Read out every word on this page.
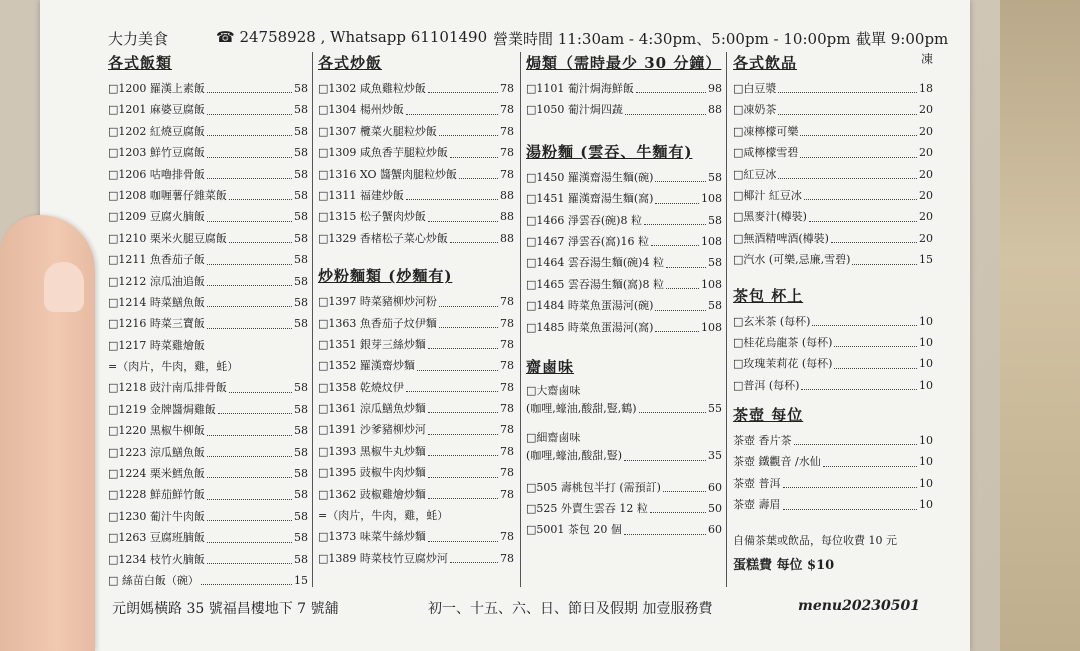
大力美食	☎ 24758928 , Whatsapp 61101490 營業時間 11:30am - 4:30pm、5:00pm - 10:00pm 截單 9:00pm
各式飯類
□1200 羅漢上素飯	58
□1201 麻婆豆腐飯	58
□1202 紅燒豆腐飯	58
□1203 鮮竹豆腐飯	58
□1206 咕嚕排骨飯	58
□1208 咖喱薯仔雜菜飯	58
□1209 豆腐火腩飯	58
□1210 栗米火腿豆腐飯	58
□1211 魚香茄子飯	58
□1212 涼瓜油追飯	58
□1214 時菜鱔魚飯	58
□1216 時菜三寶飯	58
□1217 時菜雞燴飯
=（肉片，牛肉，雞，蚝）
□1218 豉汁南瓜排骨飯	58
□1219 金牌醬焗雞飯	58
□1220 黑椒牛柳飯	58
□1223 涼瓜鱔魚飯	58
□1224 栗米鱈魚飯	58
□1228 鮮茄鮮竹飯	58
□1230 葡汁牛肉飯	58
□1263 豆腐班腩飯	58
□1234 枝竹火腩飯	58
□ 絲苗白飯（碗）	15
各式炒飯
□1302 咸魚雞粒炒飯	78
□1304 楊州炒飯	78
□1307 欖菜火腿粒炒飯	78
□1309 咸魚香芋腿粒炒飯	78
□1316 XO 醬蟹肉腿粒炒飯	78
□1311 福建炒飯	88
□1315 松子蟹肉炒飯	88
□1329 香楮松子菜心炒飯	88
炒粉麵類 (炒麵有)
□1397 時菜豬柳炒河粉	78
□1363 魚香茄子炆伊麵	78
□1351 銀芽三絲炒麵	78
□1352 羅漢齋炒麵	78
□1358 乾燒炆伊	78
□1361 涼瓜鱔魚炒麵	78
□1391 沙爹豬柳炒河	78
□1393 黑椒牛丸炒麵	78
□1395 豉椒牛肉炒麵	78
□1362 豉椒雞燴炒麵	78
=（肉片，牛肉，雞，蚝）
□1373 味菜牛絲炒麵	78
□1389 時菜枝竹豆腐炒河	78
焗類（需時最少 30 分鐘）
□1101 葡汁焗海鮮飯	98
□1050 葡汁焗四蔬	88
湯粉麵 (雲吞、牛麵有)
□1450 羅漢齋湯生麵(碗)	58
□1451 羅漢齋湯生麵(窩)	108
□1466 淨雲吞(碗)8 粒	58
□1467 淨雲吞(窩)16 粒	108
□1464 雲吞湯生麵(碗)4 粒	58
□1465 雲吞湯生麵(窩)8 粒	108
□1484 時菜魚蛋湯河(碗)	58
□1485 時菜魚蛋湯河(窩)	108
齋鹵味
□大齋鹵味
(咖哩,蠔油,酸甜,豎,鶴)	55
□細齋鹵味
(咖哩,蠔油,酸甜,豎)	35
□505 壽桃包半打 (需預訂)	60
□525 外賣生雲吞 12 粒	50
□5001 茶包 20 個	60
各式飲品	凍
□白豆漿	18
□凍奶茶	20
□凍檸檬可樂	20
□咸檸檬雪碧	20
□紅豆冰	20
□椰汁 紅豆冰	20
□黑麥汁(樽裝)	20
□無酒精啤酒(樽裝)	20
□汽水 (可樂,忌廉,雪碧)	15
茶包 杯上
□玄米茶 (每杯)	10
□桂花烏龍茶 (每杯)	10
□玫瑰茉莉花 (每杯)	10
□普洱 (每杯)	10
茶壺 每位
茶壺 香片茶	10
茶壺 鐵觀音 /水仙	10
茶壺 普洱	10
茶壺 壽眉	10
自備茶葉或飲品，每位收費 10 元
蛋糕費 每位 $10
元朗媽橫路 35 號福昌樓地下 7 號舖	初一、十五、六、日、節日及假期 加壹服務費	menu20230501
